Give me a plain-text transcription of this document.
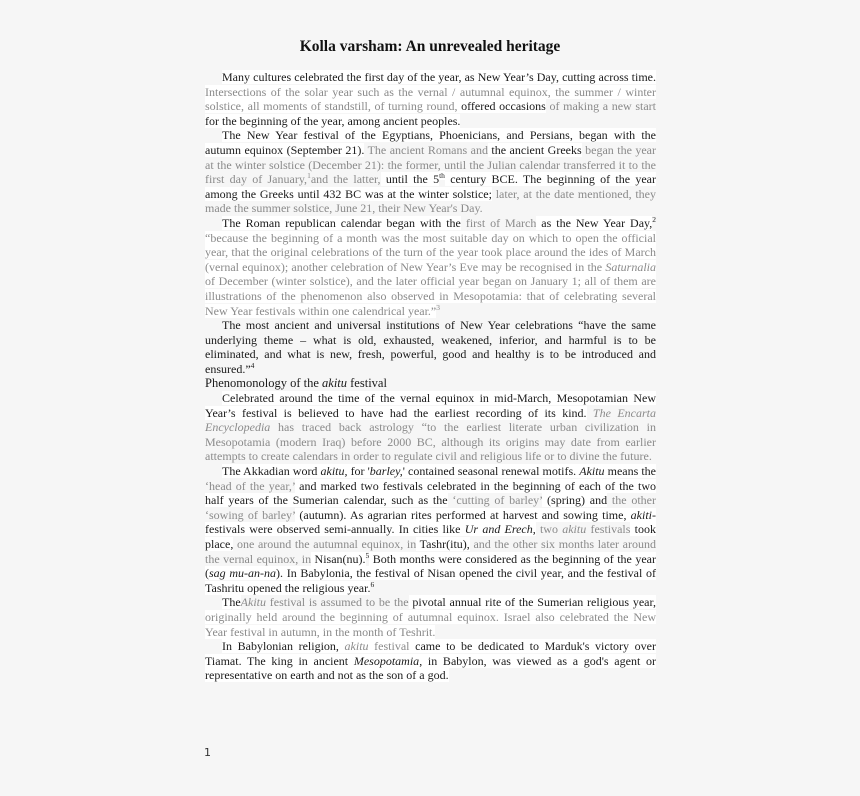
Kolla varsham: An unrevealed heritage

Many cultures celebrated the first day of the year, as New Year’s Day, cutting across time. Intersections of the solar year such as the vernal / autumnal equinox, the summer / winter solstice, all moments of standstill, of turning round, offered occasions of making a new start for the beginning of the year, among ancient peoples.

The New Year festival of the Egyptians, Phoenicians, and Persians, began with the autumn equinox (September 21). The ancient Romans and the ancient Greeks began the year at the winter solstice (December 21): the former, until the Julian calendar transferred it to the first day of January,$^1$and the latter, until the 5th century BCE. The beginning of the year among the Greeks until 432 BC was at the winter solstice; later, at the date mentioned, they made the summer solstice, June 21, their New Year's Day.

The Roman republican calendar began with the first of March as the New Year Day,$^2$ “because the beginning of a month was the most suitable day on which to open the official year, that the original celebrations of the turn of the year took place around the ides of March (vernal equinox); another celebration of New Year’s Eve may be recognised in the Saturnalia of December (winter solstice), and the later official year began on January 1; all of them are illustrations of the phenomenon also observed in Mesopotamia: that of celebrating several New Year festivals within one calendrical year.”$^3$

The most ancient and universal institutions of New Year celebrations “have the same underlying theme – what is old, exhausted, weakened, inferior, and harmful is to be eliminated, and what is new, fresh, powerful, good and healthy is to be introduced and ensured.”$^4$

Phenomonology of the akitu festival

Celebrated around the time of the vernal equinox in mid-March, Mesopotamian New Year’s festival is believed to have had the earliest recording of its kind. The Encarta Encyclopedia has traced back astrology “to the earliest literate urban civilization in Mesopotamia (modern Iraq) before 2000 BC, although its origins may date from earlier attempts to create calendars in order to regulate civil and religious life or to divine the future.

The Akkadian word akitu, for 'barley,' contained seasonal renewal motifs. Akitu means the ‘head of the year,’ and marked two festivals celebrated in the beginning of each of the two half years of the Sumerian calendar, such as the ‘cutting of barley’ (spring) and the other ‘sowing of barley’ (autumn). As agrarian rites performed at harvest and sowing time, akiti-festivals were observed semi-annually. In cities like Ur and Erech, two akitu festivals took place, one around the autumnal equinox, in Tashr(itu), and the other six months later around the vernal equinox, in Nisan(nu).$^5$ Both months were considered as the beginning of the year (sag mu-an-na). In Babylonia, the festival of Nisan opened the civil year, and the festival of Tashritu opened the religious year.$^6$

TheAkitu festival is assumed to be the pivotal annual rite of the Sumerian religious year, originally held around the beginning of autumnal equinox. Israel also celebrated the New Year festival in autumn, in the month of Teshrit.

In Babylonian religion, akitu festival came to be dedicated to Marduk's victory over Tiamat. The king in ancient Mesopotamia, in Babylon, was viewed as a god's agent or representative on earth and not as the son of a god.

1
